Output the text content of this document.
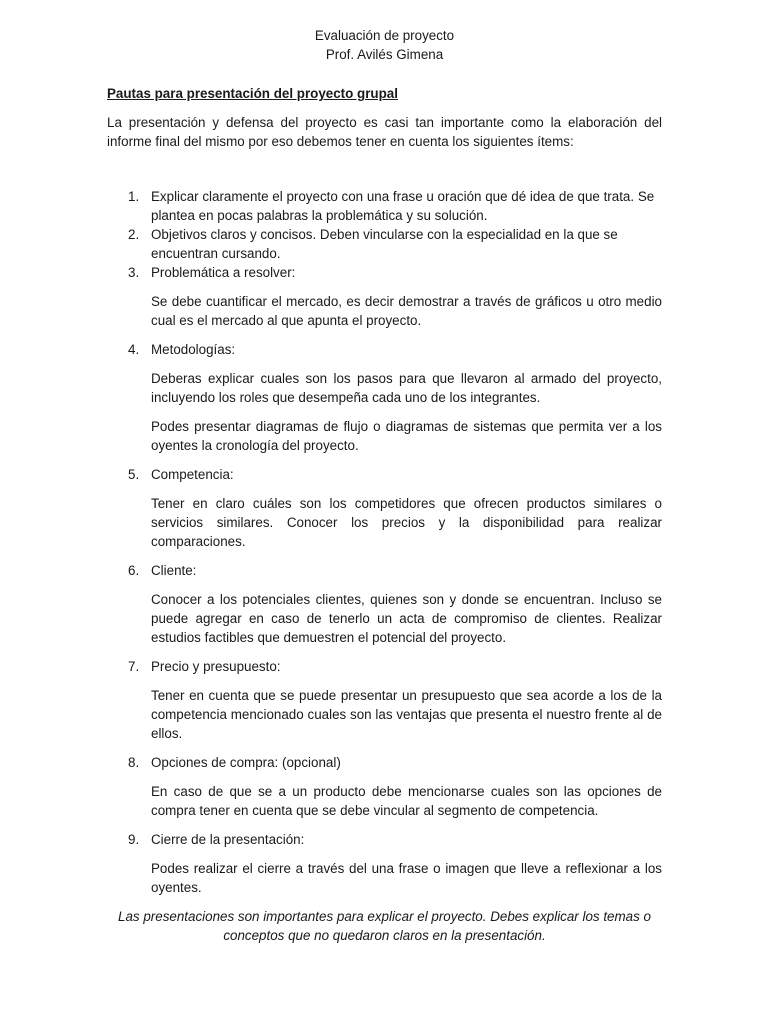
Evaluación de proyecto
Prof. Avilés Gimena
Pautas para presentación del proyecto grupal
La presentación y defensa del proyecto es casi tan importante como la elaboración del informe final del mismo por eso debemos tener en cuenta los siguientes ítems:
1. Explicar claramente el proyecto con una frase u oración que dé idea de que trata. Se plantea en pocas palabras la problemática y su solución.
2. Objetivos claros y concisos. Deben vincularse con la especialidad en la que se encuentran cursando.
3. Problemática a resolver:
Se debe cuantificar el mercado, es decir demostrar a través de gráficos u otro medio cual es el mercado al que apunta el proyecto.
4. Metodologías:
Deberas explicar cuales son los pasos para que llevaron al armado del proyecto, incluyendo los roles que desempeña cada uno de los integrantes.
Podes presentar diagramas de flujo o diagramas de sistemas que permita ver a los oyentes la cronología del proyecto.
5. Competencia:
Tener en claro cuáles son los competidores que ofrecen productos similares o servicios similares. Conocer los precios y la disponibilidad para realizar comparaciones.
6. Cliente:
Conocer a los potenciales clientes, quienes son y donde se encuentran. Incluso se puede agregar en caso de tenerlo un acta de compromiso de clientes. Realizar estudios factibles que demuestren el potencial del proyecto.
7. Precio y presupuesto:
Tener en cuenta que se puede presentar un presupuesto que sea acorde a los de la competencia mencionado cuales son las ventajas que presenta el nuestro frente al de ellos.
8. Opciones de compra: (opcional)
En caso de que se a un producto debe mencionarse cuales son las opciones de compra tener en cuenta que se debe vincular al segmento de competencia.
9. Cierre de la presentación:
Podes realizar el cierre a través del una frase o imagen que lleve a reflexionar a los oyentes.
Las presentaciones son importantes para explicar el proyecto. Debes explicar los temas o conceptos que no quedaron claros en la presentación.
